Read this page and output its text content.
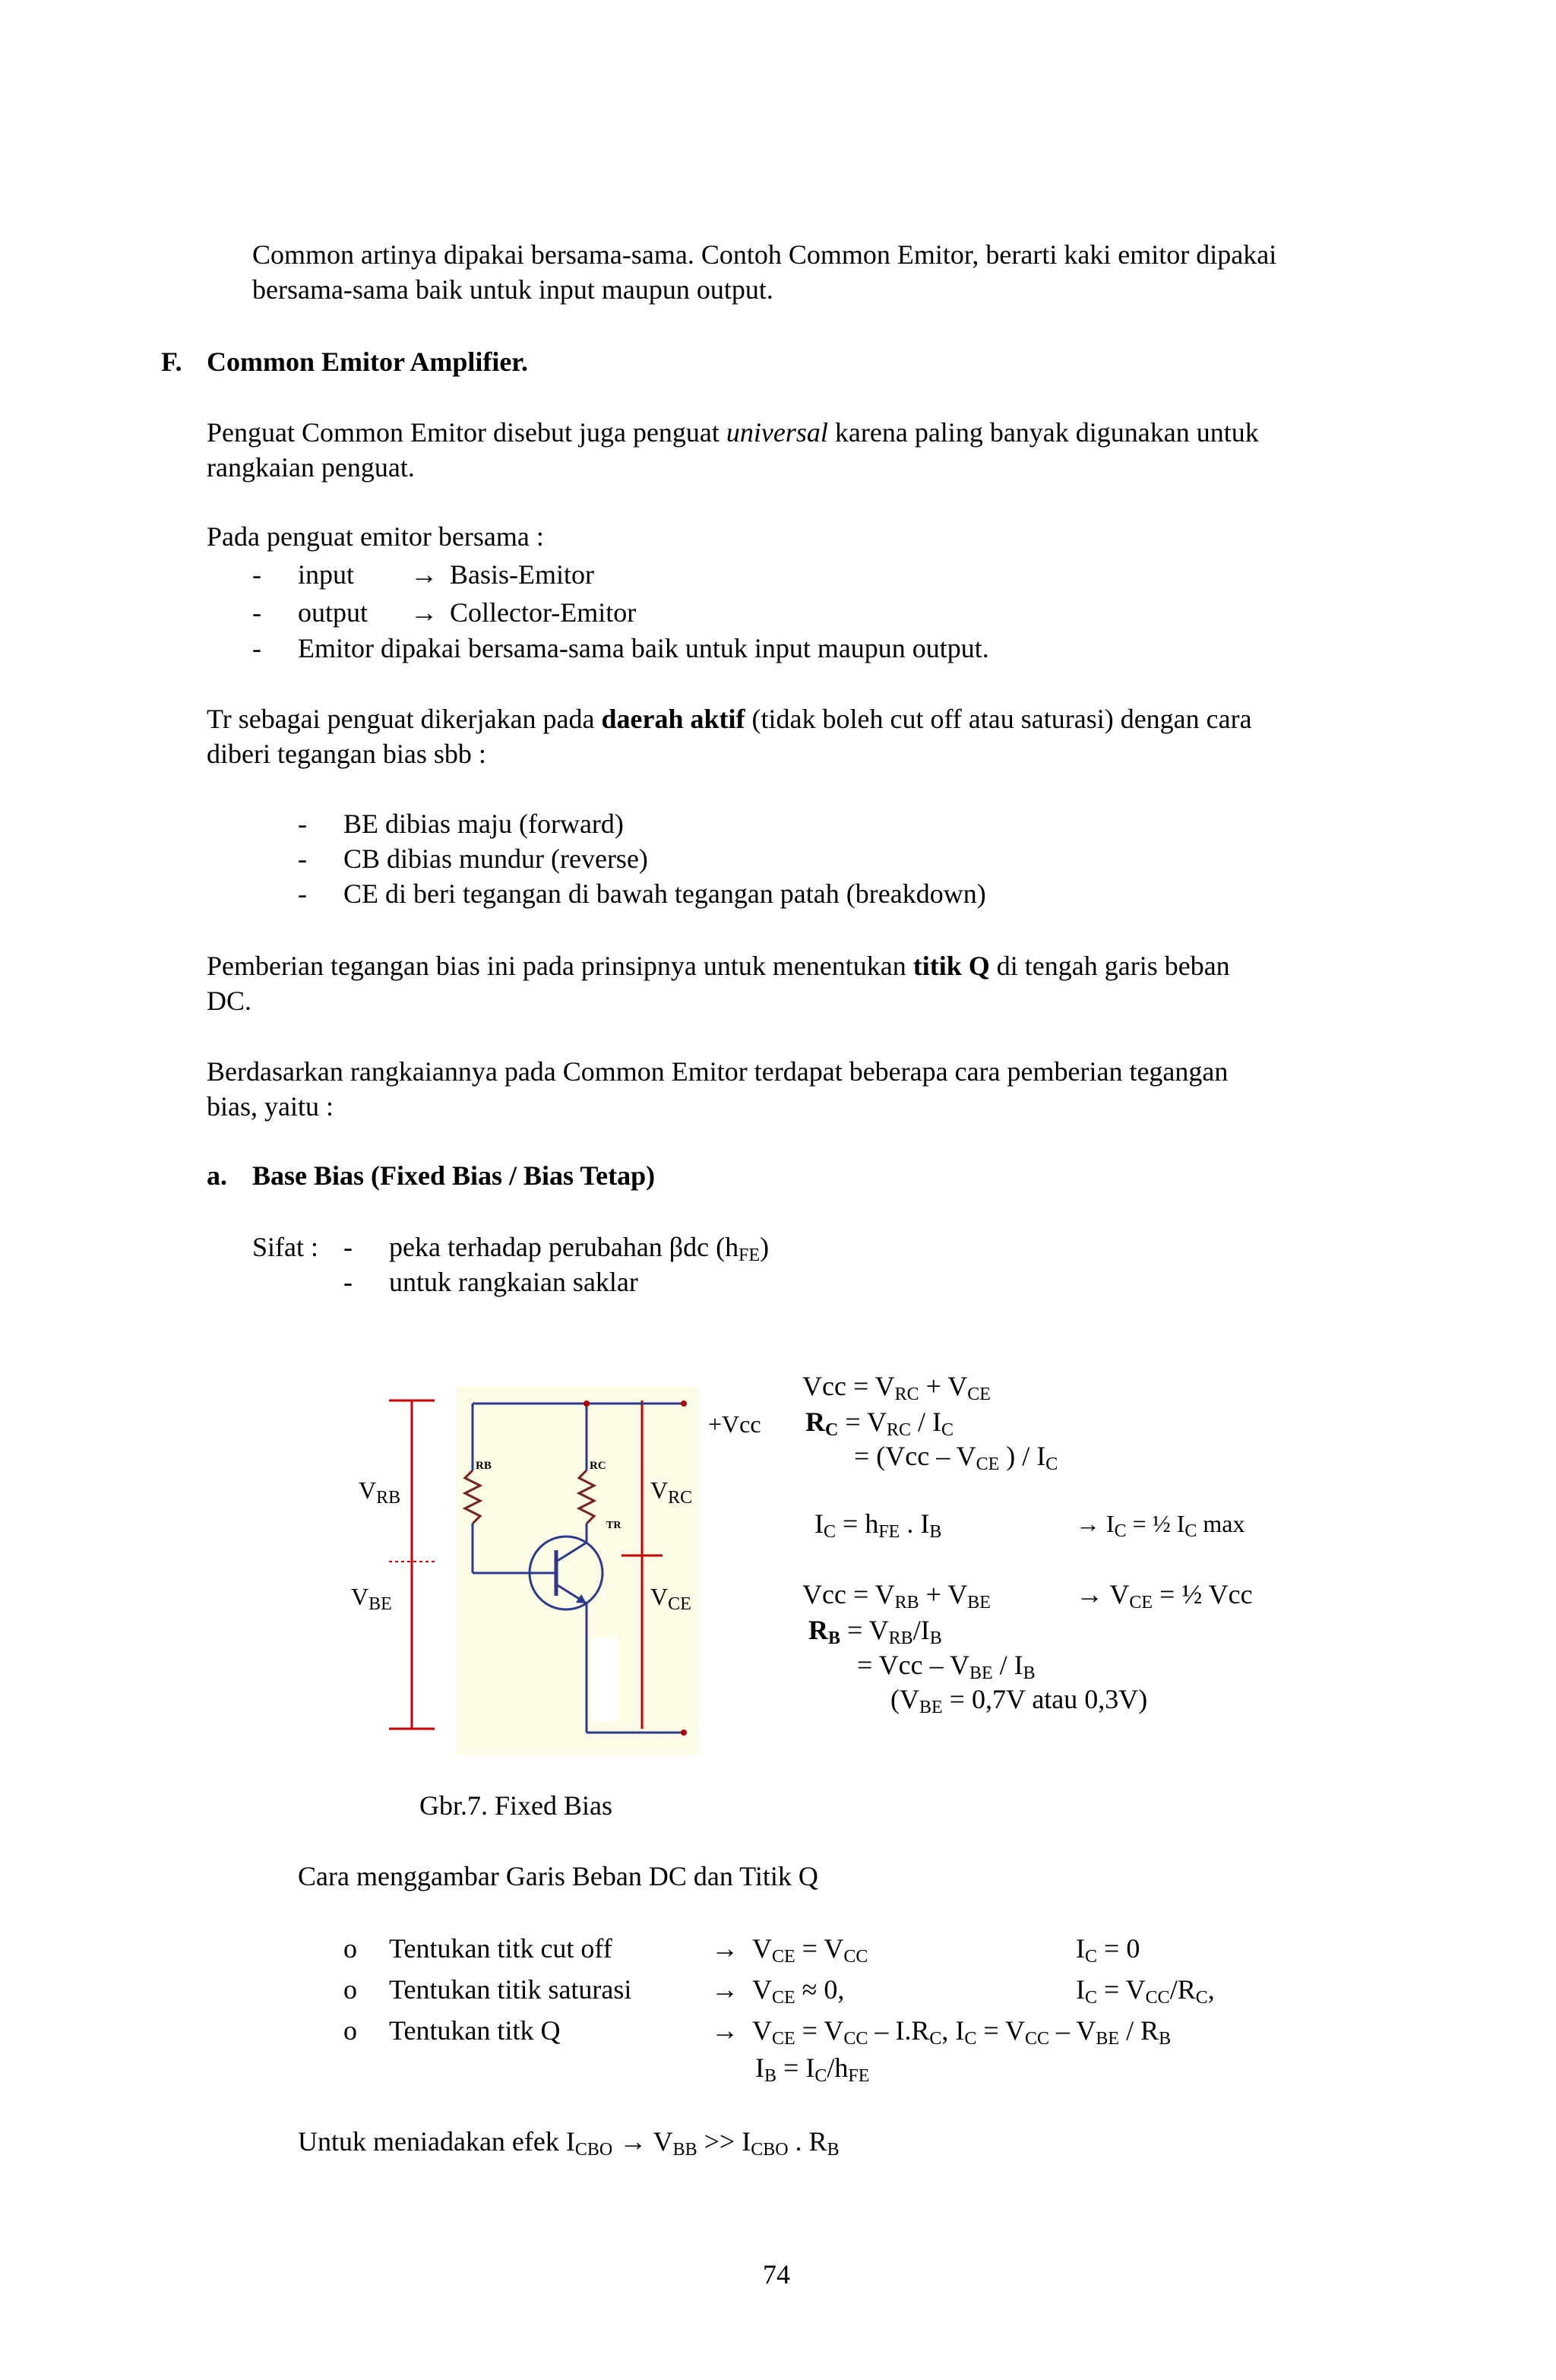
Common artinya dipakai bersama-sama. Contoh Common Emitor, berarti kaki emitor dipakai
bersama-sama baik untuk input maupun output.
F. Common Emitor Amplifier.
Penguat Common Emitor disebut juga penguat universal karena paling banyak digunakan untuk
rangkaian penguat.
Pada penguat emitor bersama :
- input → Basis-Emitor
- output → Collector-Emitor
- Emitor dipakai bersama-sama baik untuk input maupun output.
Tr sebagai penguat dikerjakan pada daerah aktif (tidak boleh cut off atau saturasi) dengan cara
diberi tegangan bias sbb :
- BE dibias maju (forward)
- CB dibias mundur (reverse)
- CE di beri tegangan di bawah tegangan patah (breakdown)
Pemberian tegangan bias ini pada prinsipnya untuk menentukan titik Q di tengah garis beban
DC.
Berdasarkan rangkaiannya pada Common Emitor terdapat beberapa cara pemberian tegangan
bias, yaitu :
a. Base Bias (Fixed Bias / Bias Tetap)
Sifat : - peka terhadap perubahan βdc $(h_{FE})$
- untuk rangkaian saklar
RB	RC
TR
$V_{RB}$
$V_{BE}$
$V_{RC}$
$V_{CE}$
+Vcc
Gbr.7. Fixed Bias
Vcc = $V_{RC} + V_{CE}$
$R_C = V_{RC} / I_C$
= ($Vcc - V_{CE}$ ) / $I_C$
$I_C = h_{FE}$ . $I_B$	→ $I_C$ = ½ $I_C$ max
Vcc = $V_{RB} + V_{BE}$	→ $V_{CE}$ = ½ Vcc
$R_B = V_{RB}/I_B$
= Vcc – $V_{BE} / I_B$
($V_{BE} = 0,7V$ atau 0,3V)
Cara menggambar Garis Beban DC dan Titik Q
o Tentukan titk cut off	→ $V_{CE} = V_{CC}$	$I_C = 0$
o Tentukan titik saturasi	→ $V_{CE} \approx 0$,	$I_C = V_{CC}/R_C$,
o Tentukan titk Q	→ $V_{CE} = V_{CC} - I.R_C$, $I_C = V_{CC} - V_{BE} / R_B$
$I_B = I_C/h_{FE}$
Untuk meniadakan efek $I_{CBO} \to V_{BB} >> I_{CBO}$ . $R_B$
74
